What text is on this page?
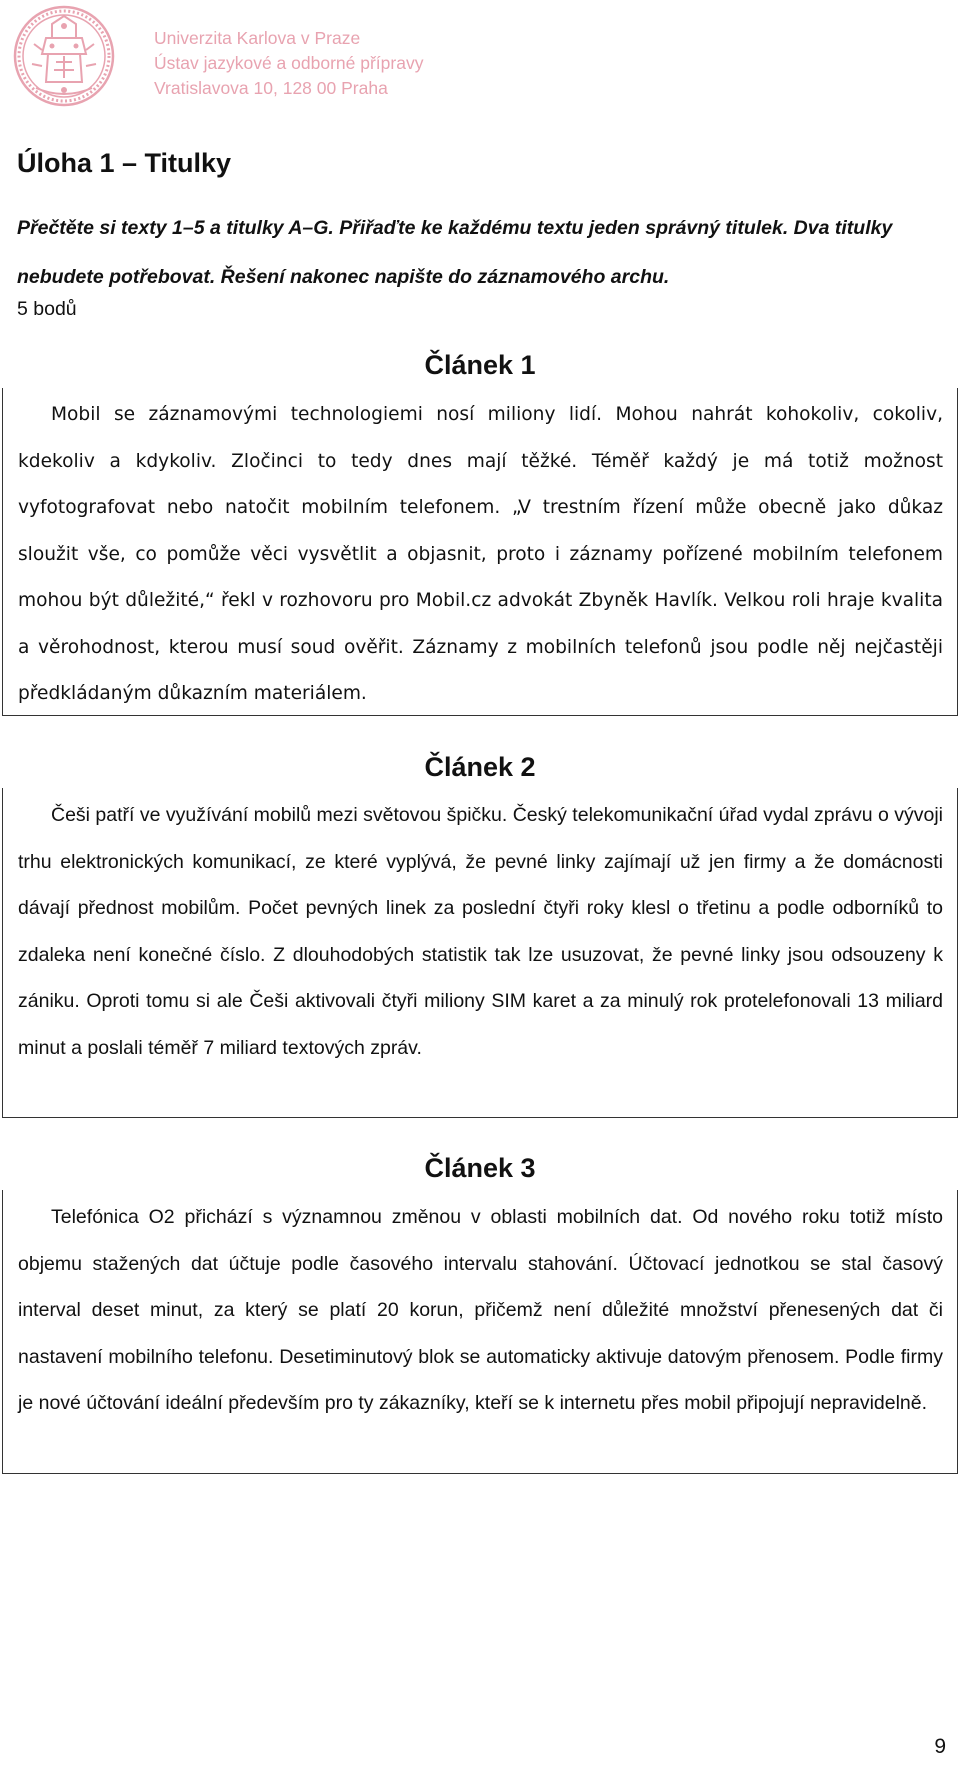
Univerzita Karlova v Praze
Ústav jazykové a odborné přípravy
Vratislavova 10, 128 00 Praha
Úloha 1 – Titulky

Přečtěte si texty 1–5 a titulky A–G. Přiřaďte ke každému textu jeden správný titulek. Dva titulky nebudete potřebovat. Řešení nakonec napište do záznamového archu.

5 bodů

Článek 1

Mobil se záznamovými technologiemi nosí miliony lidí. Mohou nahrát kohokoliv, cokoliv, kdekoliv a kdykoliv. Zločinci to tedy dnes mají těžké. Téměř každý je má totiž možnost vyfotografovat nebo natočit mobilním telefonem. „V trestním řízení může obecně jako důkaz sloužit vše, co pomůže věci vysvětlit a objasnit, proto i záznamy pořízené mobilním telefonem mohou být důležité,“ řekl v rozhovoru pro Mobil.cz advokát Zbyněk Havlík. Velkou roli hraje kvalita a věrohodnost, kterou musí soud ověřit. Záznamy z mobilních telefonů jsou podle něj nejčastěji předkládaným důkazním materiálem.

Článek 2

Češi patří ve využívání mobilů mezi světovou špičku. Český telekomunikační úřad vydal zprávu o vývoji trhu elektronických komunikací, ze které vyplývá, že pevné linky zajímají už jen firmy a že domácnosti dávají přednost mobilům. Počet pevných linek za poslední čtyři roky klesl o třetinu a podle odborníků to zdaleka není konečné číslo. Z dlouhodobých statistik tak lze usuzovat, že pevné linky jsou odsouzeny k zániku. Oproti tomu si ale Češi aktivovali čtyři miliony SIM karet a za minulý rok protelefonovali 13 miliard minut a poslali téměř 7 miliard textových zpráv.

Článek 3

Telefónica O2 přichází s významnou změnou v oblasti mobilních dat. Od nového roku totiž místo objemu stažených dat účtuje podle časového intervalu stahování. Účtovací jednotkou se stal časový interval deset minut, za který se platí 20 korun, přičemž není důležité množství přenesených dat či nastavení mobilního telefonu. Desetiminutový blok se automaticky aktivuje datovým přenosem. Podle firmy je nové účtování ideální především pro ty zákazníky, kteří se k internetu přes mobil připojují nepravidelně.

9
